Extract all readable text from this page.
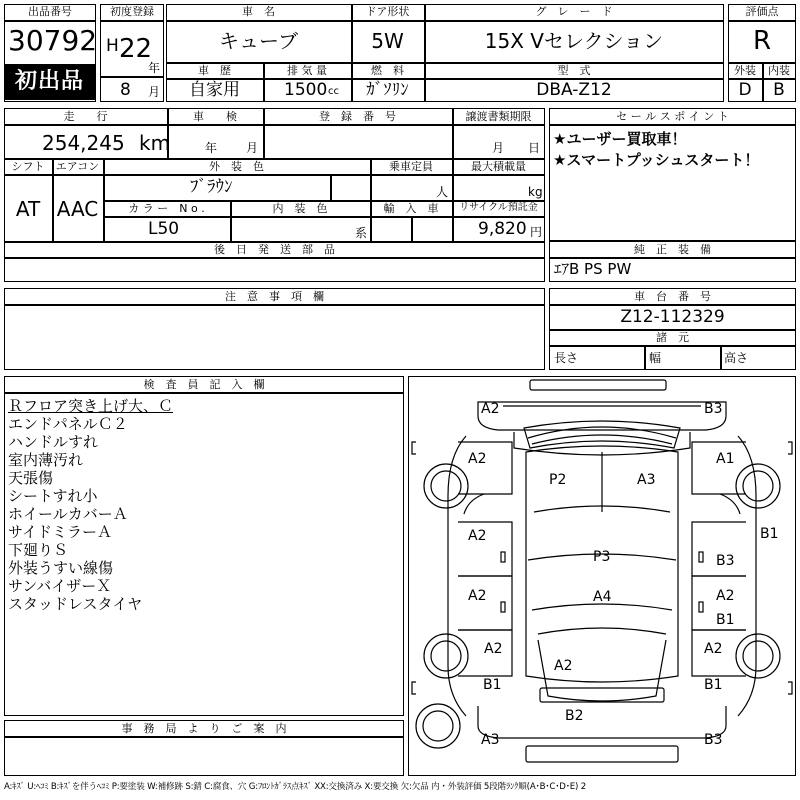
出品番号
30792
初出品
初度登録
H 22
年
8 月
車　名
キューブ
ドア形状
5W
グ　レ　ー　ド
15X Vセレクション
車　歴
自家用
排 気 量
1500 cc
燃　料
ｶﾞｿﾘﾝ
型　式
DBA-Z12
評価点
R
外装	内装
D	B
走　　行
254,245 km
車　　検
年 月
登　録　番　号	譲渡書類期限
月 日
シフト
AT
エアコン
AAC
外　装　色
ﾌﾞﾗｳﾝ
乗車定員
人
最大積載量
kg
カ ラ ー　N o .
L50
内　装　色
系
輸　入　車	リサイクル預託金
9,820 円
後　日　発　送　部　品
セ ー ル ス ポ イ ン ト
★ユーザー買取車！
★スマートプッシュスタート！
純　正　装　備
ｴｱB PS PW
注　意　事　項　欄	車　台　番　号
Z12-112329
諸　元
長さ	幅	高さ
検　査　員　記　入　欄
Ｒフロア突き上げ大、Ｃ
エンドパネルＣ２
ハンドルすれ
室内薄汚れ
天張傷
シートすれ小
ホイールカバーＡ
サイドミラーＡ
下廻りＳ
外装うすい線傷
サンバイザーＸ
スタッドレスタイヤ
事　務　局　よ　り　ご　案　内
A2	B3
A2	A1
P2	A3
A2	B1
P3	B3
A2	A2
A4
B1
A2	A2
A2
B1	B1
B2
A3	B3
A:ｷｽﾞ U:ﾍｺﾐ B:ｷｽﾞを伴うﾍｺﾐ P:要塗装 W:補修跡 S:錆 C:腐食、穴 G:ﾌﾛﾝﾄｶﾞﾗｽ点ｷｽﾞ XX:交換済み X:要交換 欠:欠品 内・外装評価 5段階ﾗﾝｸ順(A･B･C･D･E) 2
